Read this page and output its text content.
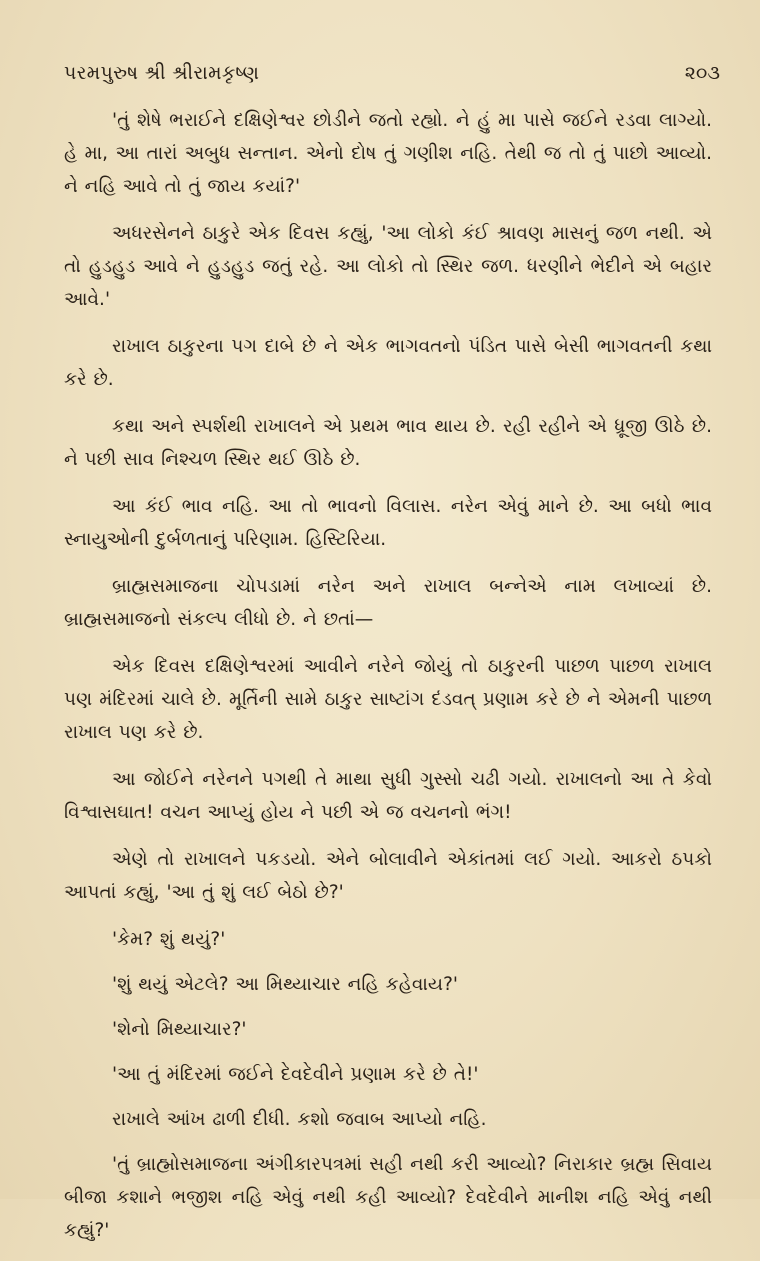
પરમપુરુષ શ્રી શ્રીરામકૃષ્ણ	૨૦૩

'તું શેષે ભરાઈને દક્ષિણેશ્વર છોડીને જતો રહ્યો. ને હું મા પાસે જઈને રડવા લાગ્યો. હે મા, આ તારાં અબુધ સન્તાન. એનો દોષ તું ગણીશ નહિ. તેથી જ તો તું પાછો આવ્યો. ને નહિ આવે તો તું જાય કયાં?'

અધરસેનને ઠાકુરે એક દિવસ કહ્યું, 'આ લોકો કંઈ શ્રાવણ માસનું જળ નથી. એ તો હુડહુડ આવે ને હુડહુડ જતું રહે. આ લોકો તો સ્થિર જળ. ધરણીને ભેદીને એ બહાર આવે.'

રાખાલ ઠાકુરના પગ દાબે છે ને એક ભાગવતનો પંડિત પાસે બેસી ભાગવતની કથા કરે છે.

કથા અને સ્પર્શથી રાખાલને એ પ્રથમ ભાવ થાય છે. રહી રહીને એ ધ્રૂજી ઊઠે છે. ને પછી સાવ નિશ્ચળ સ્થિર થઈ ઊઠે છે.

આ કંઈ ભાવ નહિ. આ તો ભાવનો વિલાસ. નરેન એવું માને છે. આ બધો ભાવ સ્નાયુઓની દુર્બળતાનું પરિણામ. હિસ્ટિરિયા.

બ્રાહ્મસમાજના ચોપડામાં નરેન અને રાખાલ બન્નેએ નામ લખાવ્યાં છે. બ્રાહ્મસમાજનો સંકલ્પ લીધો છે. ને છતાં—

એક દિવસ દક્ષિણેશ્વરમાં આવીને નરેને જોયું તો ઠાકુરની પાછળ પાછળ રાખાલ પણ મંદિરમાં ચાલે છે. મૂર્તિની સામે ઠાકુર સાષ્ટાંગ દંડવત્ પ્રણામ કરે છે ને એમની પાછળ રાખાલ પણ કરે છે.

આ જોઈને નરેનને પગથી તે માથા સુધી ગુસ્સો ચઢી ગયો. રાખાલનો આ તે કેવો વિશ્વાસઘાત! વચન આપ્યું હોય ને પછી એ જ વચનનો ભંગ!

એણે તો રાખાલને પકડયો. એને બોલાવીને એકાંતમાં લઈ ગયો. આકરો ઠપકો આપતાં કહ્યું, 'આ તું શું લઈ બેઠો છે?'

'કેમ? શું થયું?'

'શું થયું એટલે? આ મિથ્યાચાર નહિ કહેવાય?'

'શેનો મિથ્યાચાર?'

'આ તું મંદિરમાં જઈને દેવદેવીને પ્રણામ કરે છે તે!'

રાખાલે આંખ ઢાળી દીધી. કશો જવાબ આપ્યો નહિ.

'તું બ્રાહ્મોસમાજના અંગીકારપત્રમાં સહી નથી કરી આવ્યો? નિરાકાર બ્રહ્મ સિવાય બીજા કશાને ભજીશ નહિ એવું નથી કહી આવ્યો? દેવદેવીને માનીશ નહિ એવું નથી કહ્યું?'
